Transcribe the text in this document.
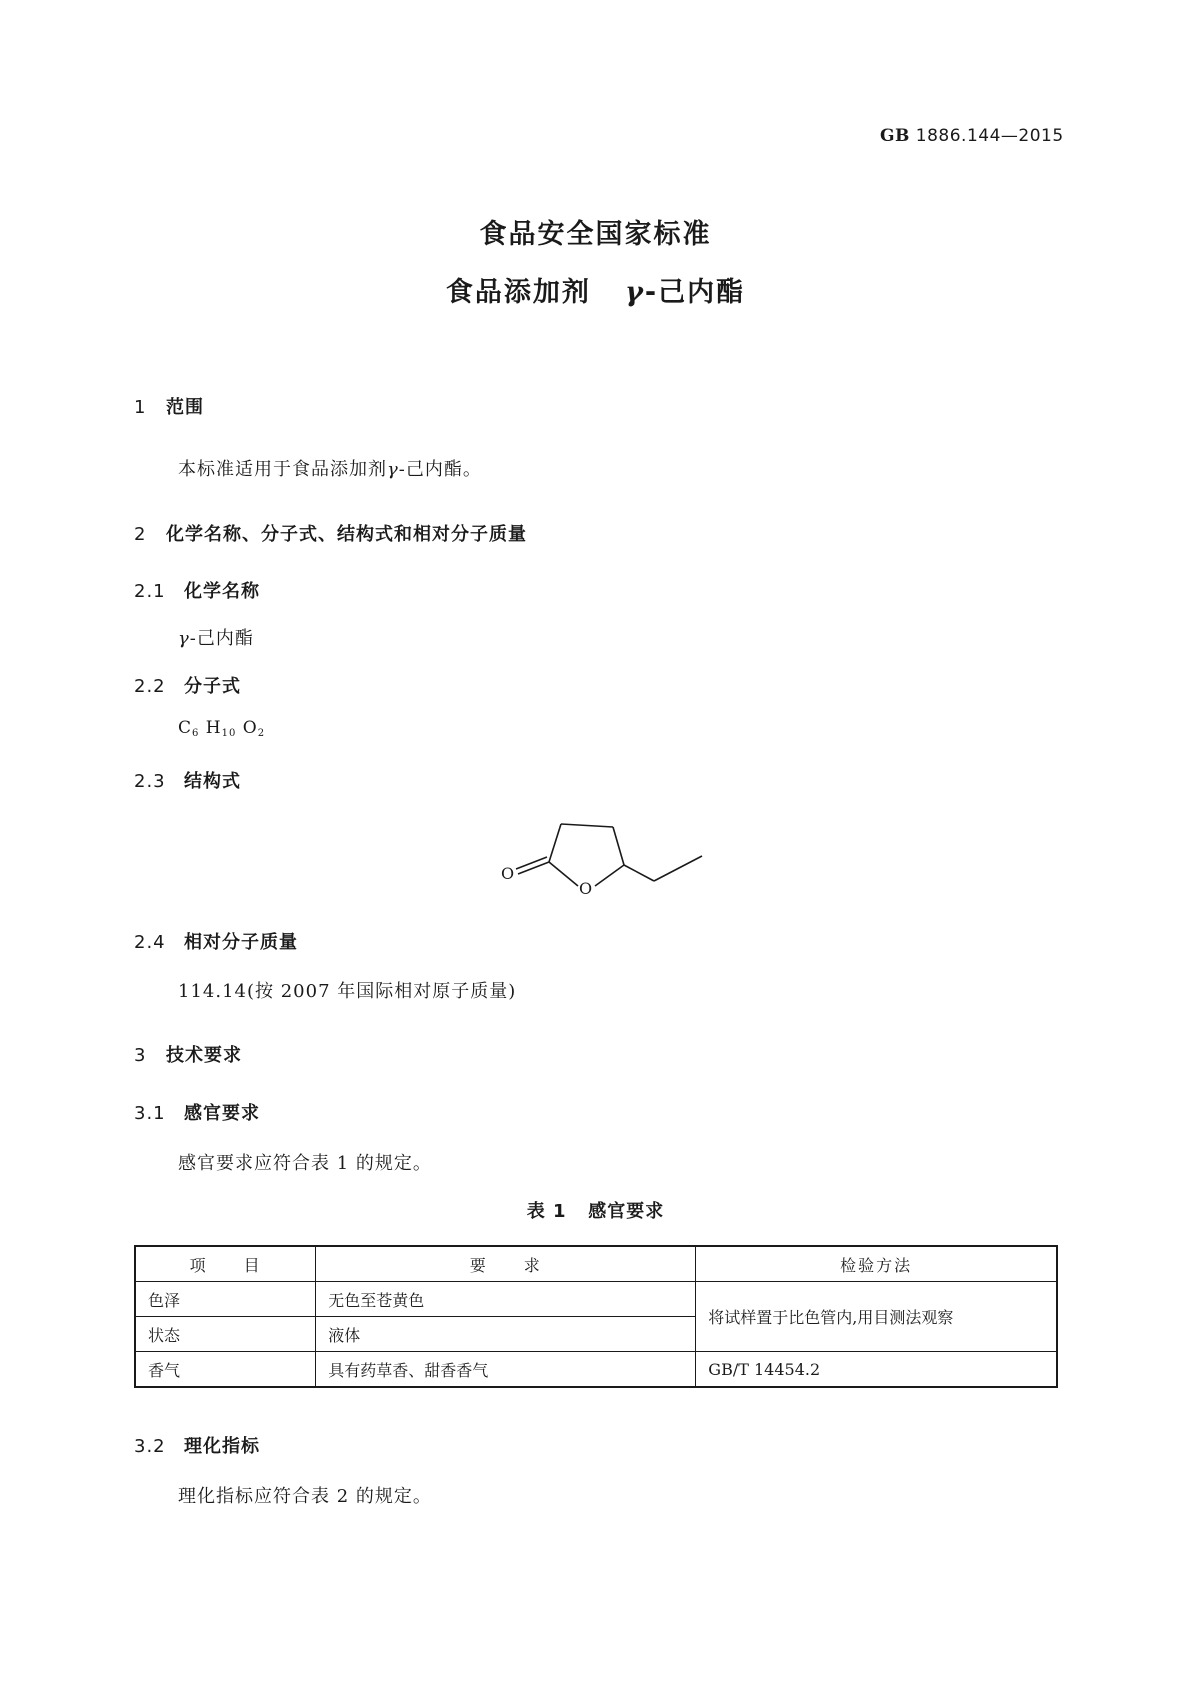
GB 1886.144—2015
食品安全国家标准
食品添加剂 γ-己内酯
1 范围
本标准适用于食品添加剂γ-己内酯。
2 化学名称、分子式、结构式和相对分子质量
2.1 化学名称
γ-己内酯
2.2 分子式
$C_6$ $H_{10}$ $O_2$
2.3 结构式
O
O
2.4 相对分子质量
114.14(按 2007 年国际相对原子质量)
3 技术要求
3.1 感官要求
感官要求应符合表 1 的规定。
表 1 感官要求
项　　目	要　　求	检验方法
色泽	无色至苍黄色	将试样置于比色管内,用目测法观察
状态	液体	
香气	具有药草香、甜香香气	GB/T 14454.2
3.2 理化指标
理化指标应符合表 2 的规定。
